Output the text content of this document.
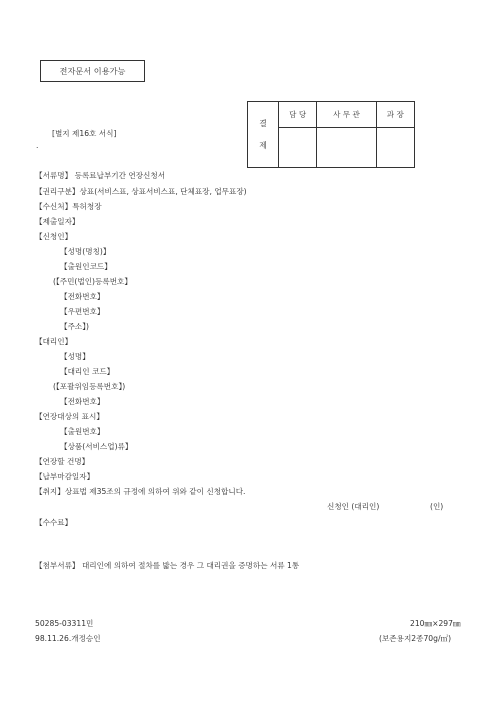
전자문서 이용가능
[별지 제16호 서식]
.
결
제	담 당	사 무 관	과 장

【서류명】 등록료납부기간 연장신청서
【권리구분】상표(서비스표, 상표서비스표, 단체표장, 업무표장)
【수신처】특허청장
【제출일자】
【신청인】
【성명(명칭)】
【출원인코드】
(【주민(법인)등록번호】
【전화번호】
【우편번호】
【주소】)
【대리인】
【성명】
【대리인 코드】
(【포괄위임등록번호】)
【전화번호】
【연장대상의 표시】
【출원번호】
【상품(서비스업)류】
【연장할 건명】
【납부마감일자】
【취지】상표법 제35조의 규정에 의하여 위와 같이 신청합니다.
신청인 (대리인)	(인)
【수수료】
【첨부서류】 대리인에 의하여 절차를 밟는 경우 그 대리권을 증명하는 서류 1통
50285-03311민
98.11.26.개정승인
210㎜×297㎜
(보존용지2종70g/㎡)
